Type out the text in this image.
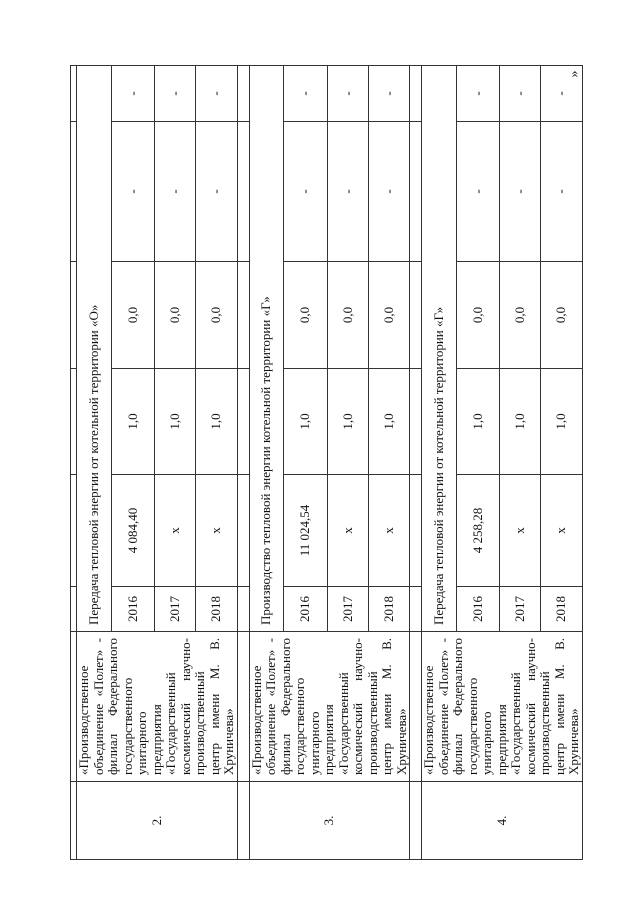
»

2.	«Производственное объединение «Полет» - филиал Федерального государственного унитарного предприятия «Государственный космический научно-производственный центр имени М. В. Хруничева»	Передача тепловой энергии от котельной территории «О»					
		2016	4 084,40	1,0	0,0	-	-
		2017	x	1,0	0,0	-	-
		2018	x	1,0	0,0	-	-

3.	«Производственное объединение «Полет» - филиал Федерального государственного унитарного предприятия «Государственный космический научно-производственный центр имени М. В. Хруничева»	Производство тепловой энергии котельной территории «Г»					
		2016	11 024,54	1,0	0,0	-	-
		2017	x	1,0	0,0	-	-
		2018	x	1,0	0,0	-	-

4.	«Производственное объединение «Полет» - филиал Федерального государственного унитарного предприятия «Государственный космический научно-производственный центр имени М. В. Хруничева»	Передача тепловой энергии от котельной территории «Г»					
		2016	4 258,28	1,0	0,0	-	-
		2017	x	1,0	0,0	-	-
		2018	x	1,0	0,0	-	-
